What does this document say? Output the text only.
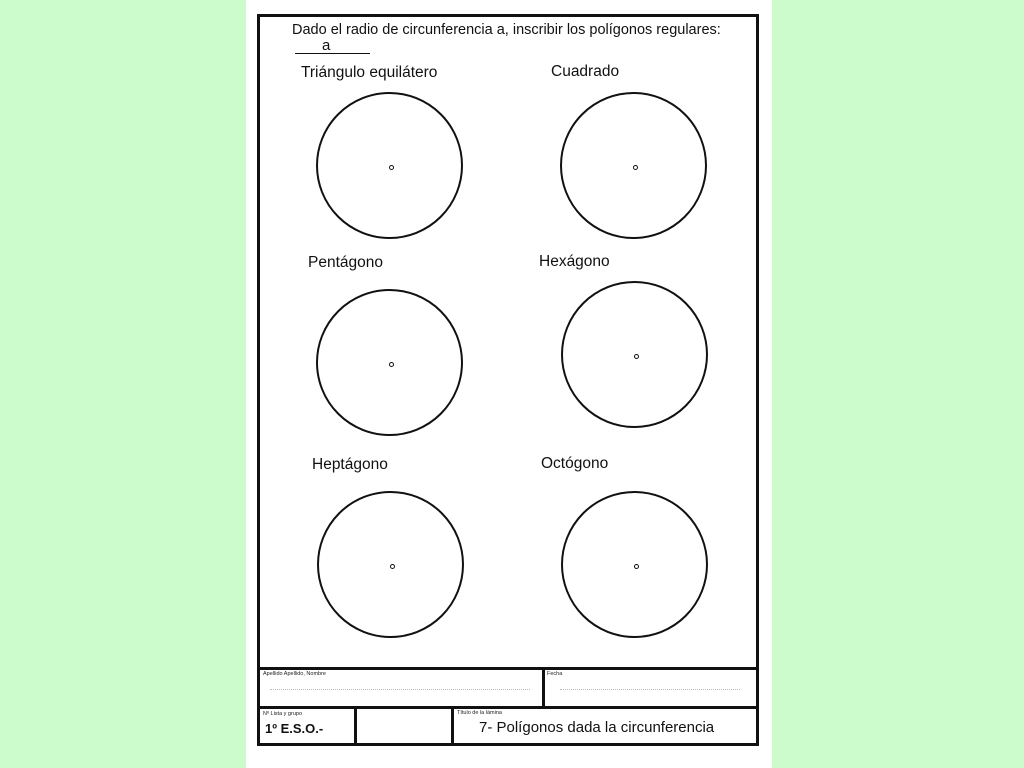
Dado el radio de circunferencia a, inscribir los polígonos regulares:
a
Triángulo equilátero	Cuadrado
Pentágono	Hexágono
Heptágono	Octógono
Apellido Apellido, Nombre	Fecha
Nº Lista y grupo	Título de la lámina
1º E.S.O.-	7- Polígonos dada la circunferencia
